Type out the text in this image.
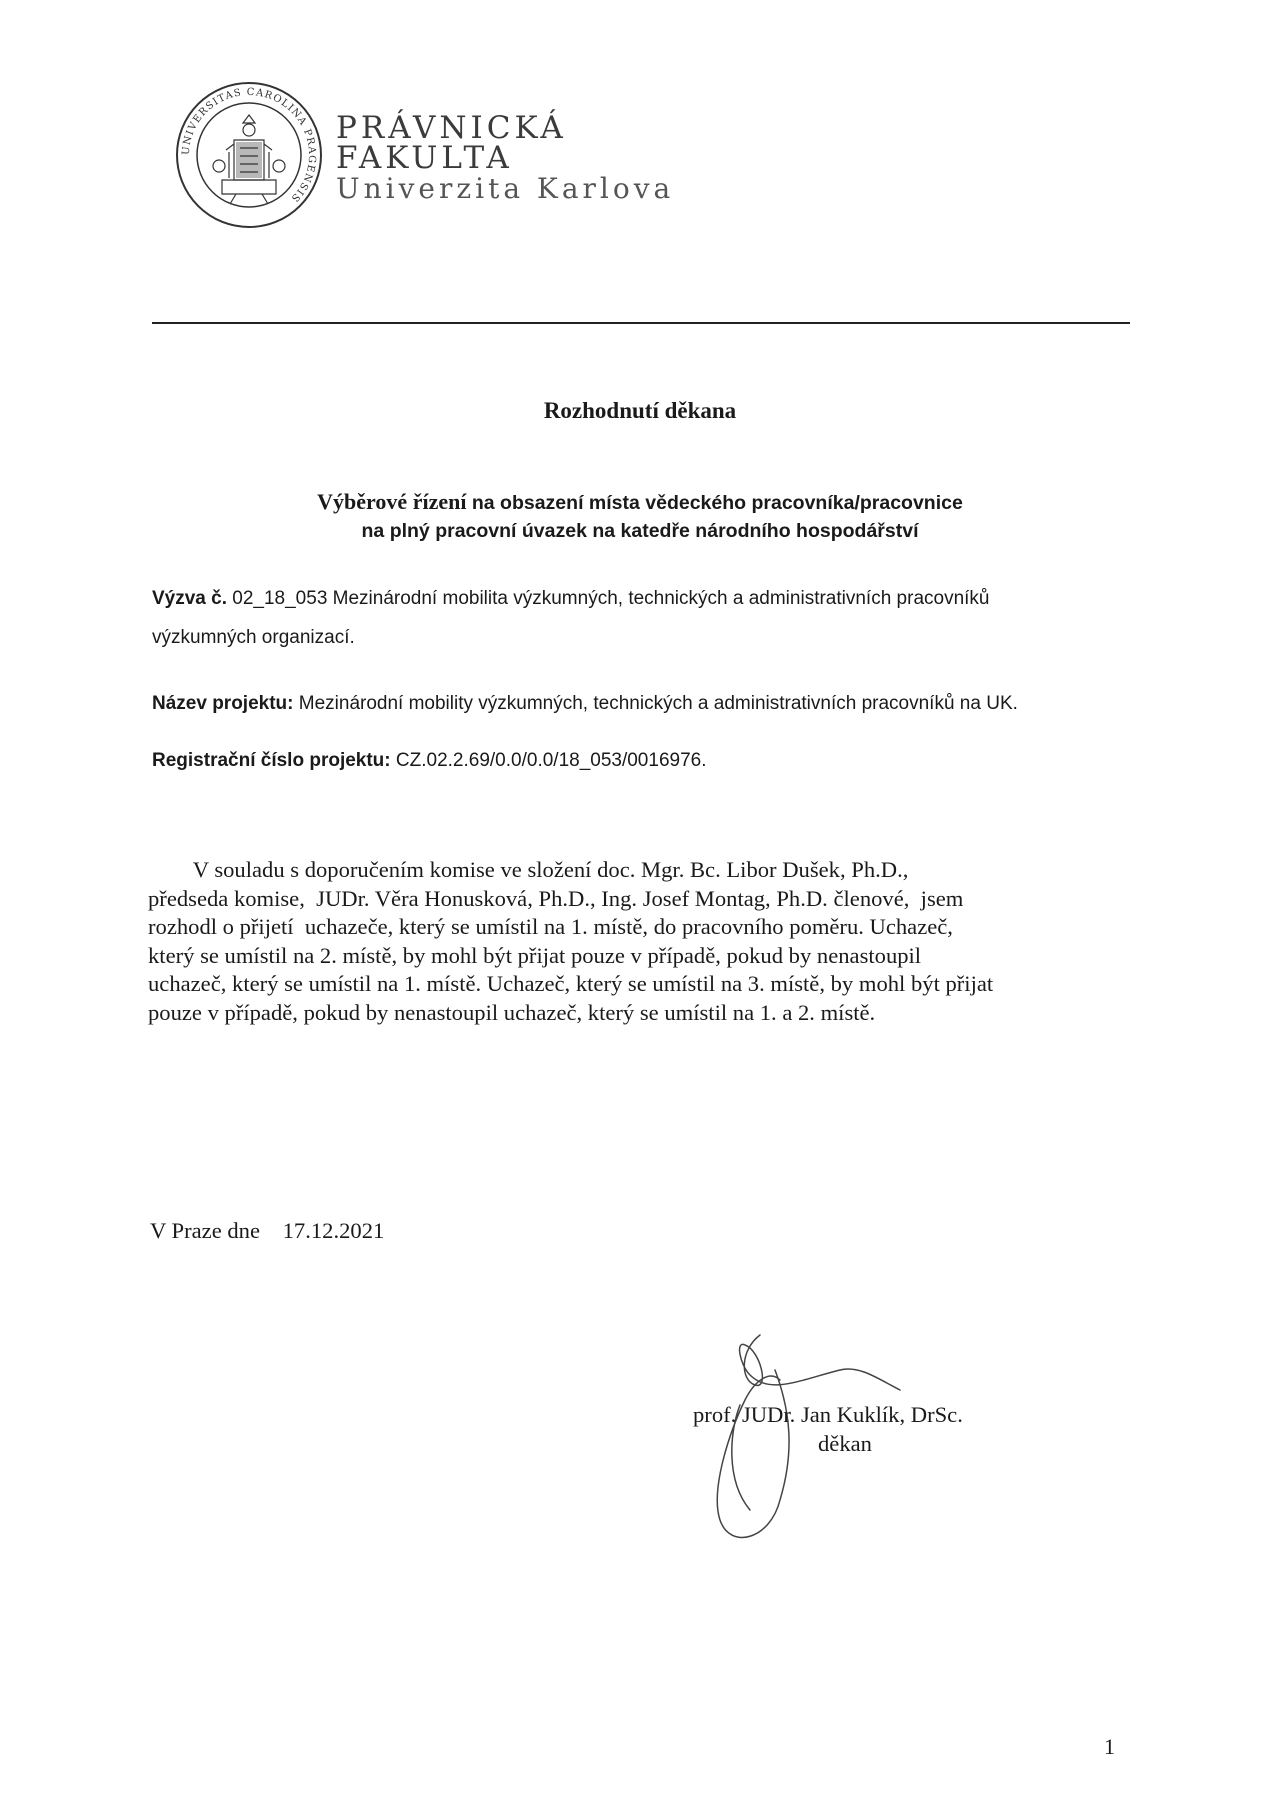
UNIVERSITAS CAROLINA PRAGENSIS
PRÁVNICKÁ
FAKULTA
Univerzita Karlova
Rozhodnutí děkana
Výběrové řízení na obsazení místa vědeckého pracovníka/pracovnice
na plný pracovní úvazek na katedře národního hospodářství
Výzva č. 02_18_053 Mezinárodní mobilita výzkumných, technických a administrativních pracovníků
výzkumných organizací.
Název projektu: Mezinárodní mobility výzkumných, technických a administrativních pracovníků na UK.
Registrační číslo projektu: CZ.02.2.69/0.0/0.0/18_053/0016976.
V souladu s doporučením komise ve složení doc. Mgr. Bc. Libor Dušek, Ph.D.,
předseda komise,  JUDr. Věra Honusková, Ph.D., Ing. Josef Montag, Ph.D. členové,  jsem
rozhodl o přijetí  uchazeče, který se umístil na 1. místě, do pracovního poměru. Uchazeč,
který se umístil na 2. místě, by mohl být přijat pouze v případě, pokud by nenastoupil
uchazeč, který se umístil na 1. místě. Uchazeč, který se umístil na 3. místě, by mohl být přijat
pouze v případě, pokud by nenastoupil uchazeč, který se umístil na 1. a 2. místě.
V Praze dne 17.12.2021
prof. JUDr. Jan Kuklík, DrSc.
děkan
1
